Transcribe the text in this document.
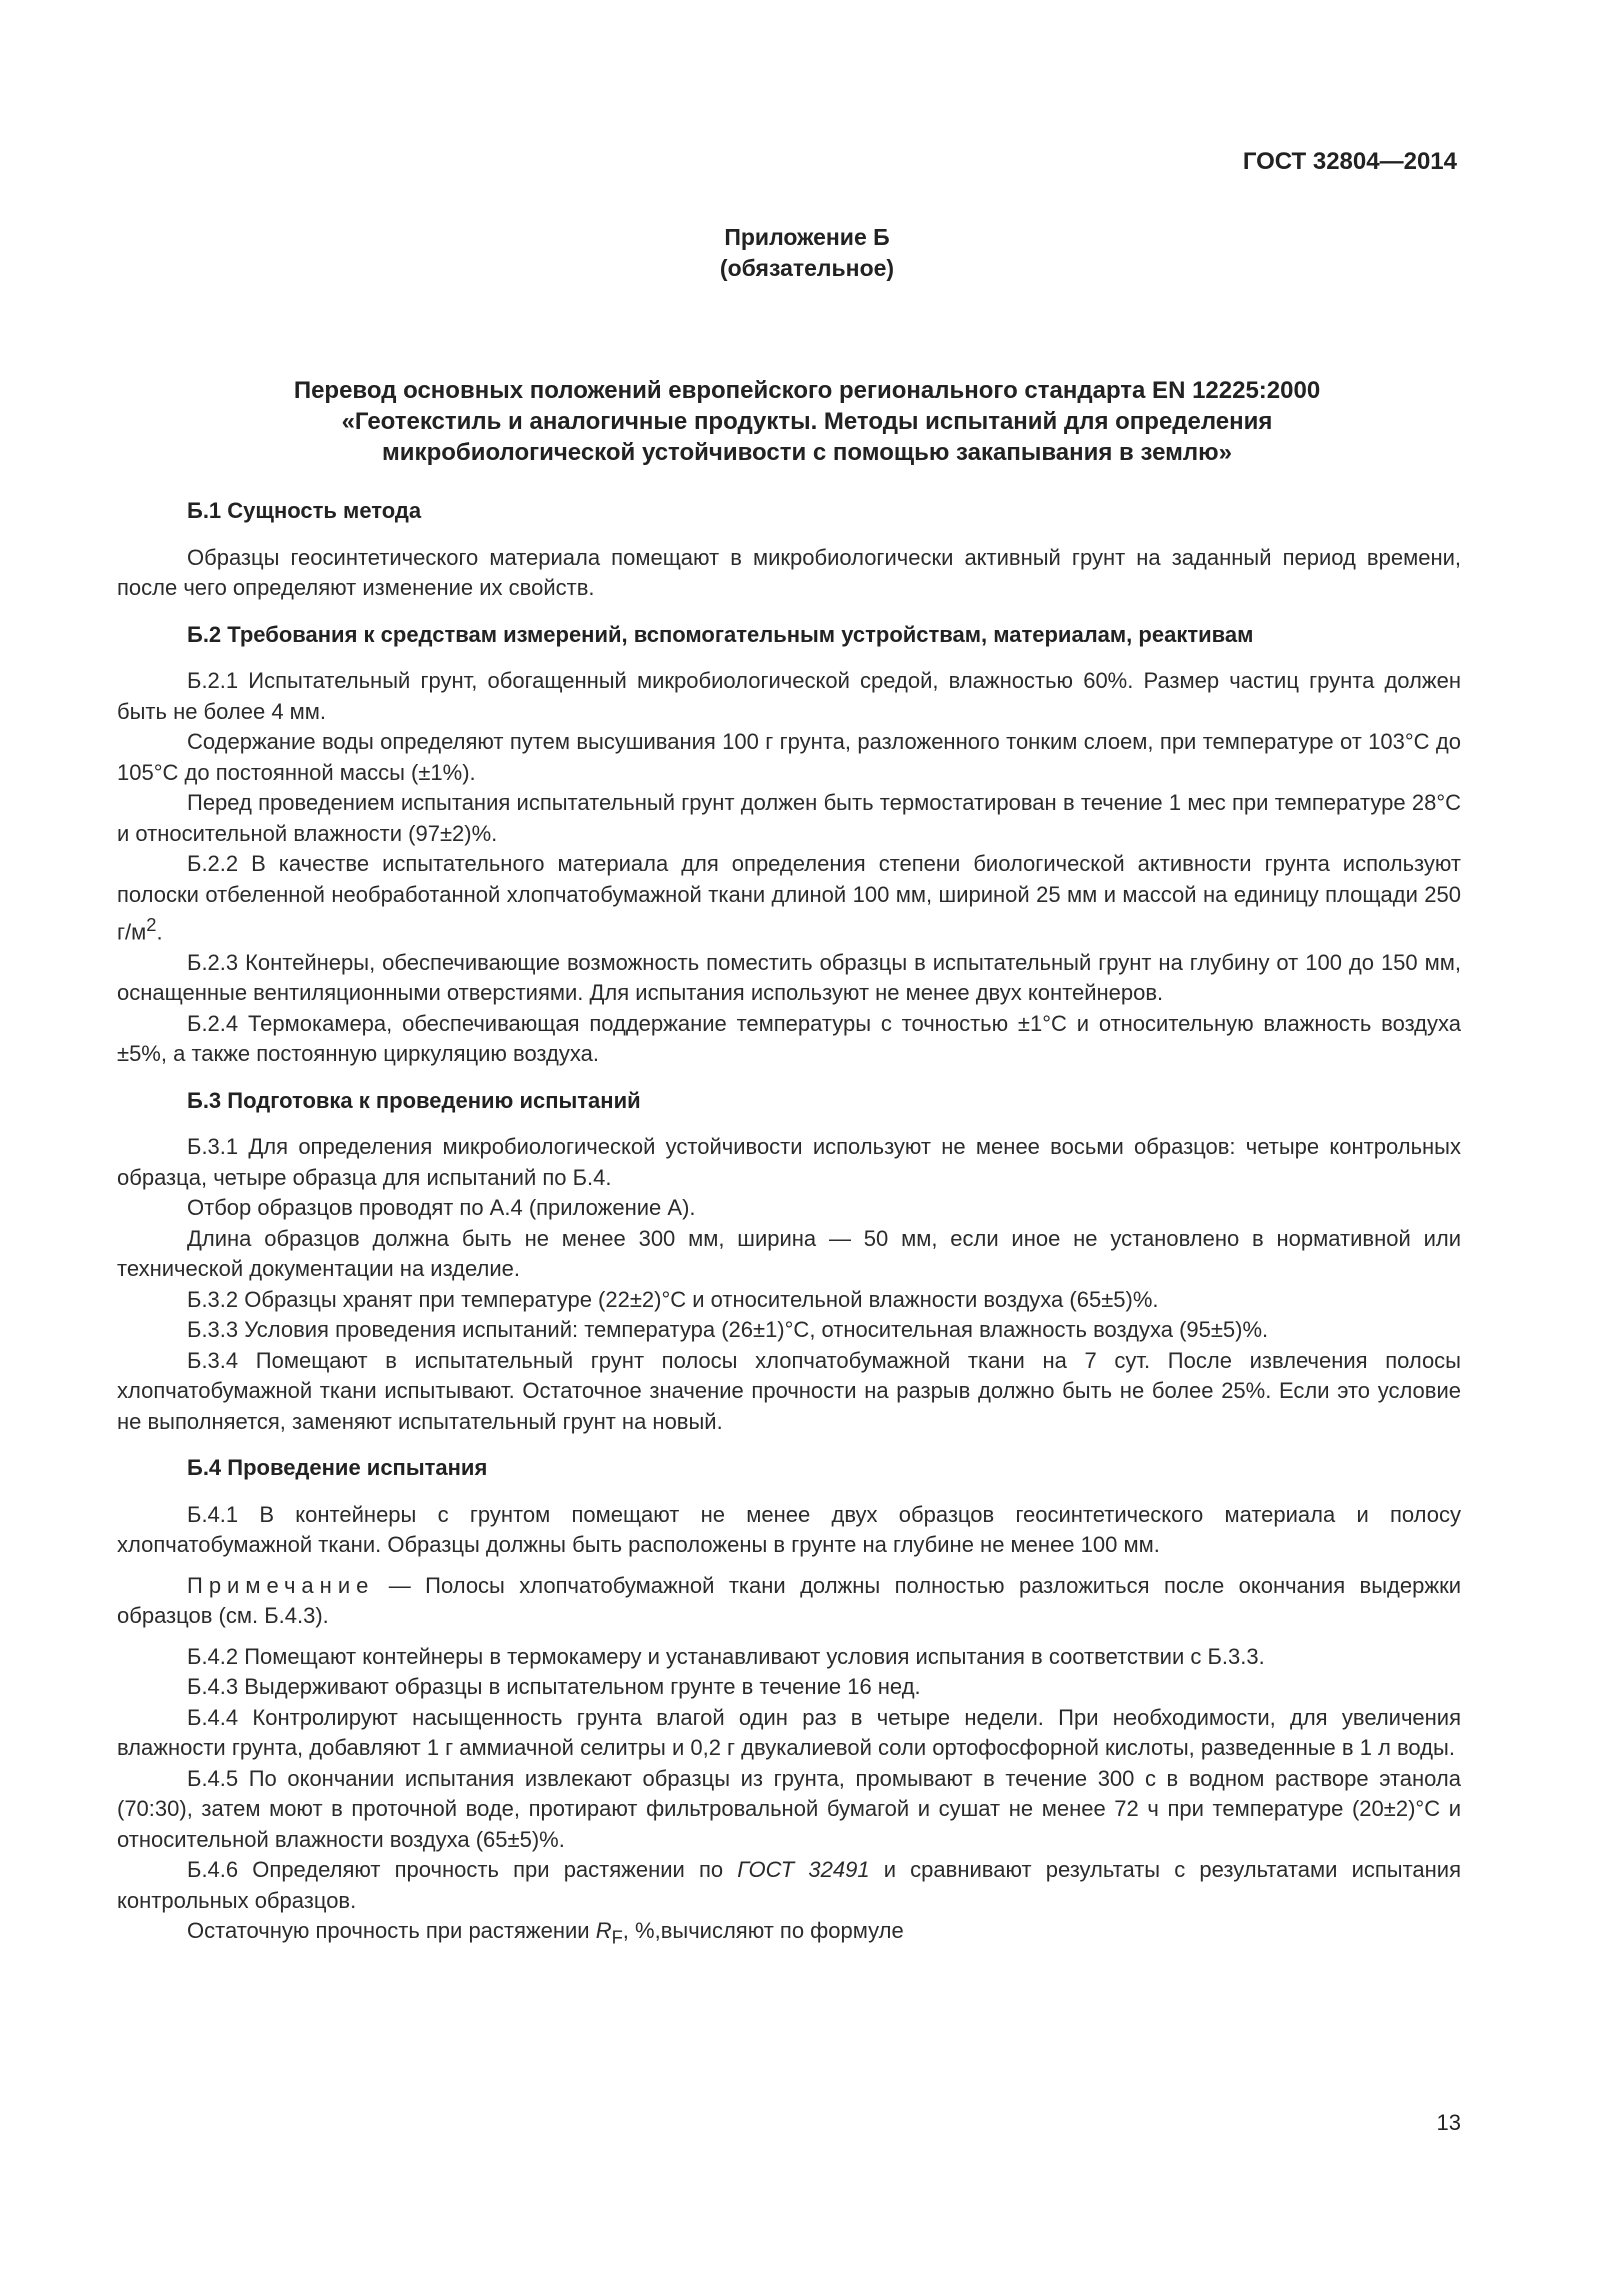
ГОСТ 32804—2014
Приложение Б
(обязательное)
Перевод основных положений европейского регионального стандарта EN 12225:2000
«Геотекстиль и аналогичные продукты. Методы испытаний для определения
микробиологической устойчивости с помощью закапывания в землю»
Б.1 Сущность метода

Образцы геосинтетического материала помещают в микробиологически активный грунт на заданный период времени, после чего определяют изменение их свойств.

Б.2 Требования к средствам измерений, вспомогательным устройствам, материалам, реактивам

Б.2.1 Испытательный грунт, обогащенный микробиологической средой, влажностью 60%. Размер частиц грунта должен быть не более 4 мм.

Содержание воды определяют путем высушивания 100 г грунта, разложенного тонким слоем, при температуре от 103°С до 105°С до постоянной массы (±1%).

Перед проведением испытания испытательный грунт должен быть термостатирован в течение 1 мес при температуре 28°С и относительной влажности (97±2)%.

Б.2.2 В качестве испытательного материала для определения степени биологической активности грунта используют полоски отбеленной необработанной хлопчатобумажной ткани длиной 100 мм, шириной 25 мм и массой на единицу площади 250 $г/м^2$.

Б.2.3 Контейнеры, обеспечивающие возможность поместить образцы в испытательный грунт на глубину от 100 до 150 мм, оснащенные вентиляционными отверстиями. Для испытания используют не менее двух контейнеров.

Б.2.4 Термокамера, обеспечивающая поддержание температуры с точностью ±1°С и относительную влажность воздуха ±5%, а также постоянную циркуляцию воздуха.

Б.3 Подготовка к проведению испытаний

Б.3.1 Для определения микробиологической устойчивости используют не менее восьми образцов: четыре контрольных образца, четыре образца для испытаний по Б.4.

Отбор образцов проводят по А.4 (приложение А).

Длина образцов должна быть не менее 300 мм, ширина — 50 мм, если иное не установлено в нормативной или технической документации на изделие.

Б.3.2 Образцы хранят при температуре (22±2)°С и относительной влажности воздуха (65±5)%.

Б.3.3 Условия проведения испытаний: температура (26±1)°С, относительная влажность воздуха (95±5)%.

Б.3.4 Помещают в испытательный грунт полосы хлопчатобумажной ткани на 7 сут. После извлечения полосы хлопчатобумажной ткани испытывают. Остаточное значение прочности на разрыв должно быть не более 25%. Если это условие не выполняется, заменяют испытательный грунт на новый.

Б.4 Проведение испытания

Б.4.1 В контейнеры с грунтом помещают не менее двух образцов геосинтетического материала и полосу хлопчатобумажной ткани. Образцы должны быть расположены в грунте на глубине не менее 100 мм.

Примечание — Полосы хлопчатобумажной ткани должны полностью разложиться после окончания выдержки образцов (см. Б.4.3).

Б.4.2 Помещают контейнеры в термокамеру и устанавливают условия испытания в соответствии с Б.3.3.

Б.4.3 Выдерживают образцы в испытательном грунте в течение 16 нед.

Б.4.4 Контролируют насыщенность грунта влагой один раз в четыре недели. При необходимости, для увеличения влажности грунта, добавляют 1 г аммиачной селитры и 0,2 г двукалиевой соли ортофосфорной кислоты, разведенные в 1 л воды.

Б.4.5 По окончании испытания извлекают образцы из грунта, промывают в течение 300 с в водном растворе этанола (70:30), затем моют в проточной воде, протирают фильтровальной бумагой и сушат не менее 72 ч при температуре (20±2)°С и относительной влажности воздуха (65±5)%.

Б.4.6 Определяют прочность при растяжении по ГОСТ 32491 и сравнивают результаты с результатами испытания контрольных образцов.

Остаточную прочность при растяжении $R_F$, %,вычисляют по формуле

13
